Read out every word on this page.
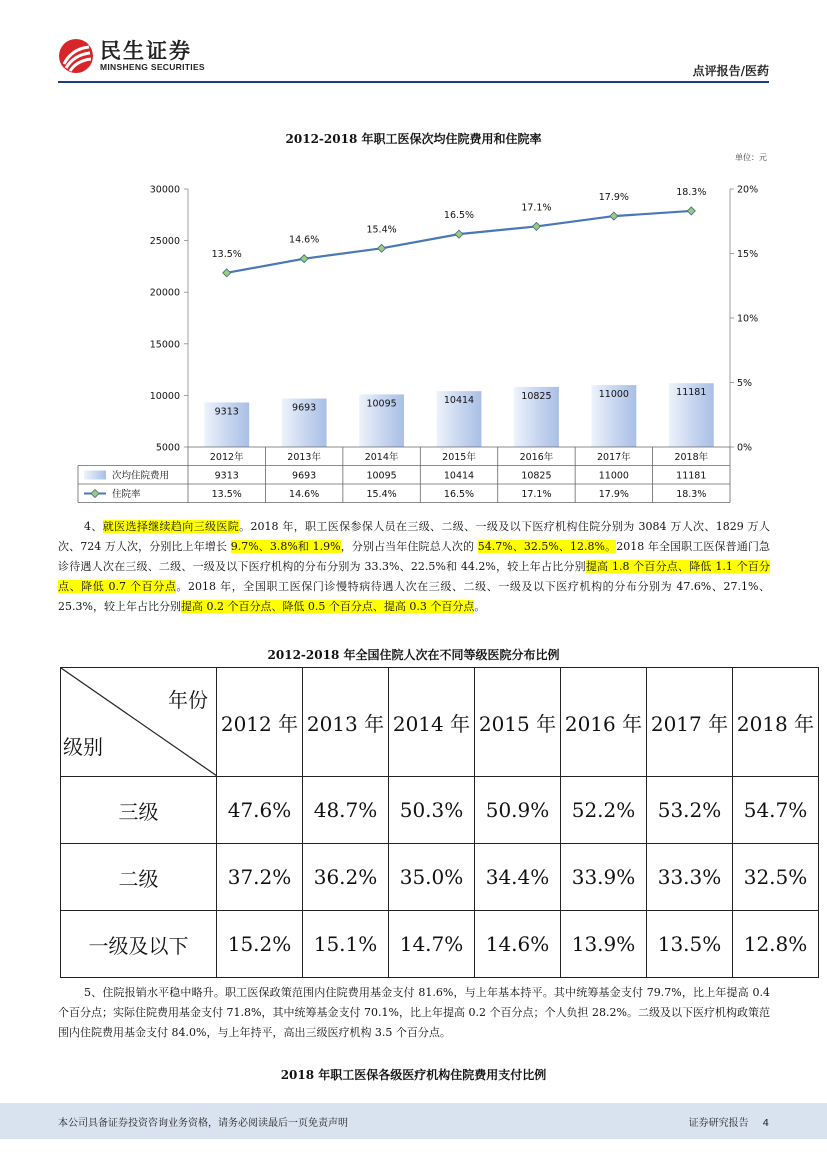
民生证券
MINSHENG SECURITIES	点评报告/医药
2012-2018 年职工医保次均住院费用和住院率
单位：元
30000
25000
20000
15000
10000
5000
20%
15%
10%
5%
0%
9313	9693	10095	10414	10825	11000	11181
13.5%
14.6%
15.4%
16.5%
17.1%
17.9%	18.3%
2012年	2013年	2014年	2015年	2016年	2017年	2018年
次均住院费用	9313	9693	10095	10414	10825	11000	11181
住院率	13.5%	14.6%	15.4%	16.5%	17.1%	17.9%	18.3%
4、就医选择继续趋向三级医院。2018 年，职工医保参保人员在三级、二级、一级及以下医疗机构住院分别为 3084 万人次、1829 万人次、724 万人次，分别比上年增长 9.7%、3.8%和 1.9%，分别占当年住院总人次的 54.7%、32.5%、12.8%。2018 年全国职工医保普通门急诊待遇人次在三级、二级、一级及以下医疗机构的分布分别为 33.3%、22.5%和 44.2%，较上年占比分别提高 1.8 个百分点、降低 1.1 个百分点、降低 0.7 个百分点。2018 年，全国职工医保门诊慢特病待遇人次在三级、二级、一级及以下医疗机构的分布分别为 47.6%、27.1%、25.3%，较上年占比分别提高 0.2 个百分点、降低 0.5 个百分点、提高 0.3 个百分点。
2012-2018 年全国住院人次在不同等级医院分布比例
年份
级别	2012 年	2013 年	2014 年	2015 年	2016 年	2017 年	2018 年
三级	47.6%	48.7%	50.3%	50.9%	52.2%	53.2%	54.7%
二级	37.2%	36.2%	35.0%	34.4%	33.9%	33.3%	32.5%
一级及以下	15.2%	15.1%	14.7%	14.6%	13.9%	13.5%	12.8%
5、住院报销水平稳中略升。职工医保政策范围内住院费用基金支付 81.6%，与上年基本持平。其中统筹基金支付 79.7%，比上年提高 0.4 个百分点；实际住院费用基金支付 71.8%，其中统筹基金支付 70.1%，比上年提高 0.2 个百分点；个人负担 28.2%。二级及以下医疗机构政策范围内住院费用基金支付 84.0%，与上年持平，高出三级医疗机构 3.5 个百分点。
2018 年职工医保各级医疗机构住院费用支付比例
本公司具备证券投资咨询业务资格，请务必阅读最后一页免责声明	证券研究报告 4
